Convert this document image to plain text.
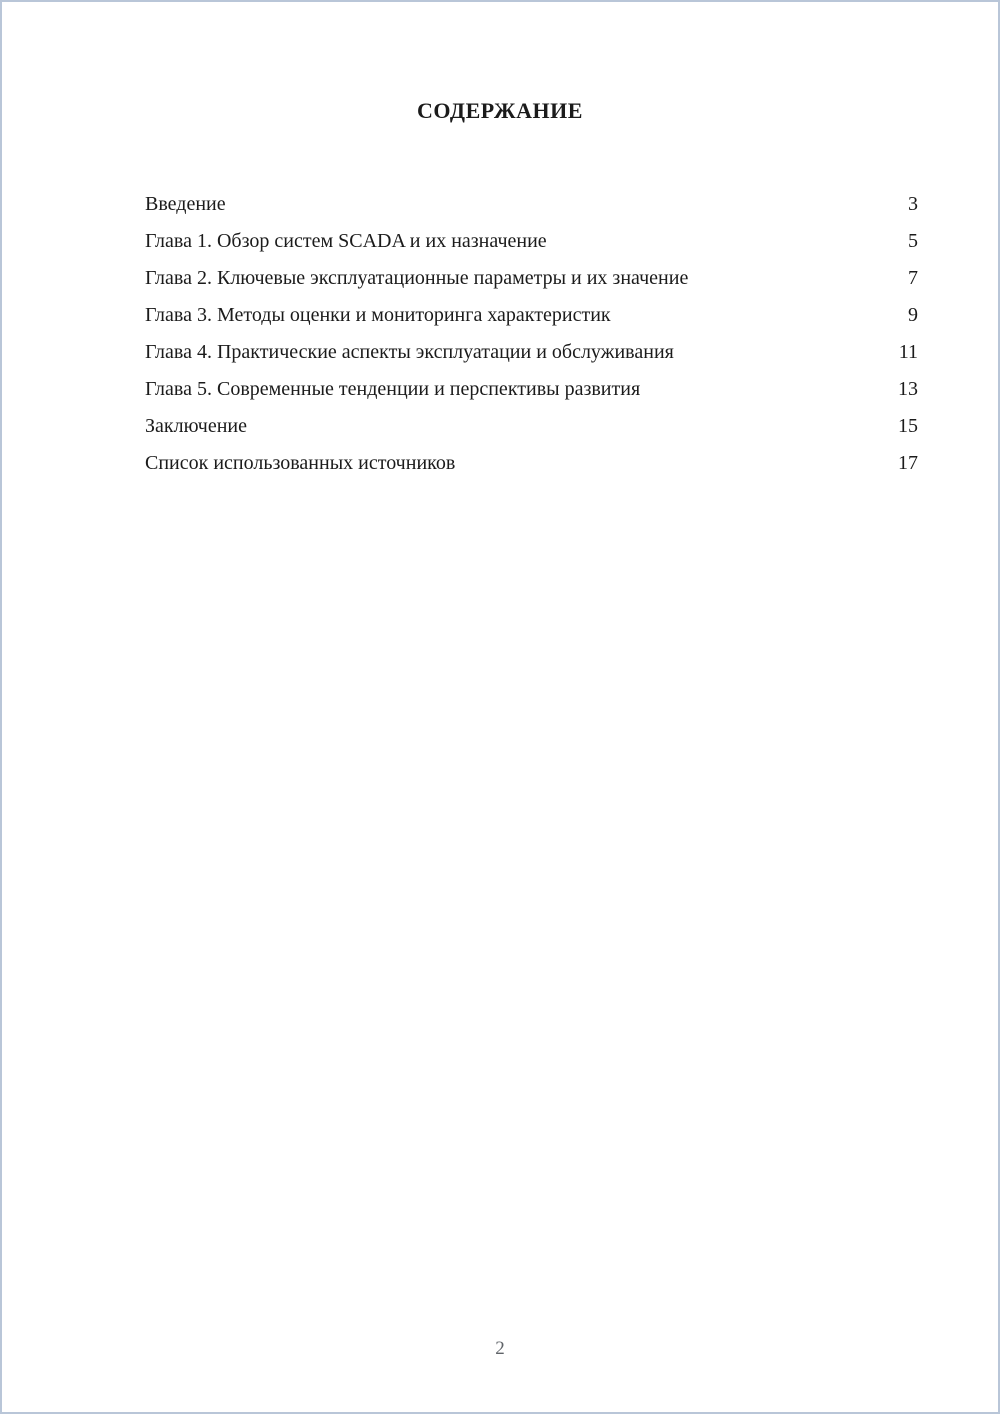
СОДЕРЖАНИЕ
Введение	3
Глава 1. Обзор систем SCADA и их назначение	5
Глава 2. Ключевые эксплуатационные параметры и их значение	7
Глава 3. Методы оценки и мониторинга характеристик	9
Глава 4. Практические аспекты эксплуатации и обслуживания	11
Глава 5. Современные тенденции и перспективы развития	13
Заключение	15
Список использованных источников	17
2
